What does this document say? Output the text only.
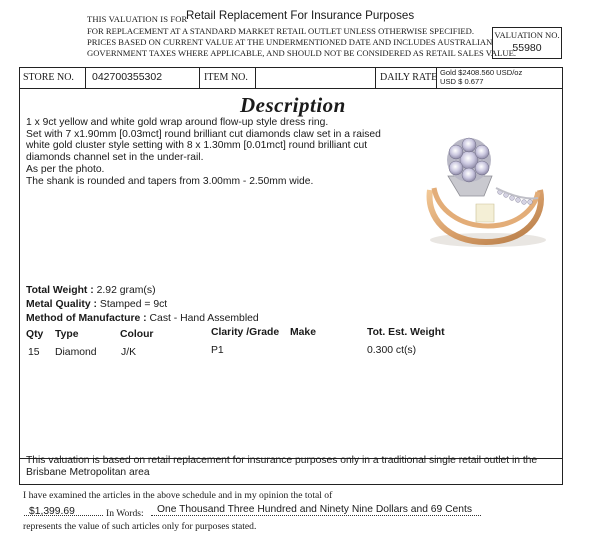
THIS VALUATION IS FOR
Retail Replacement For Insurance Purposes
FOR REPLACEMENT AT A STANDARD MARKET RETAIL OUTLET UNLESS OTHERWISE SPECIFIED.
PRICES BASED ON CURRENT VALUE AT THE UNDERMENTIONED DATE AND INCLUDES AUSTRALIAN
GOVERNMENT TAXES WHERE APPLICABLE, AND SHOULD NOT BE CONSIDERED AS RETAIL SALES VALUE.
VALUATION NO.
55980
STORE NO. 042700355302	ITEM NO.	DAILY RATE Gold $2408.560 USD/oz
USD $ 0.677
Description
1 x 9ct yellow and white gold wrap around flow-up style dress ring.
Set with 7 x1.90mm [0.03mct] round brilliant cut diamonds claw set in a raised
white gold cluster style setting with 8 x 1.30mm [0.01mct] round brilliant cut
diamonds channel set in the under-rail.
As per the photo.
The shank is rounded and tapers from 3.00mm - 2.50mm wide.
Total Weight : 2.92 gram(s)
Metal Quality : Stamped = 9ct
Method of Manufacture : Cast - Hand Assembled
Qty Type	Colour	Clarity /Grade Make	Tot. Est. Weight
15 Diamond J/K	P1	0.300 ct(s)
This valuation is based on retail replacement for insurance purposes only in a traditional single retail outlet in the Brisbane Metropolitan area
I have examined the articles in the above schedule and in my opinion the total of
$1,399.69	In Words: One Thousand Three Hundred and Ninety Nine Dollars and 69 Cents
represents the value of such articles only for purposes stated.
